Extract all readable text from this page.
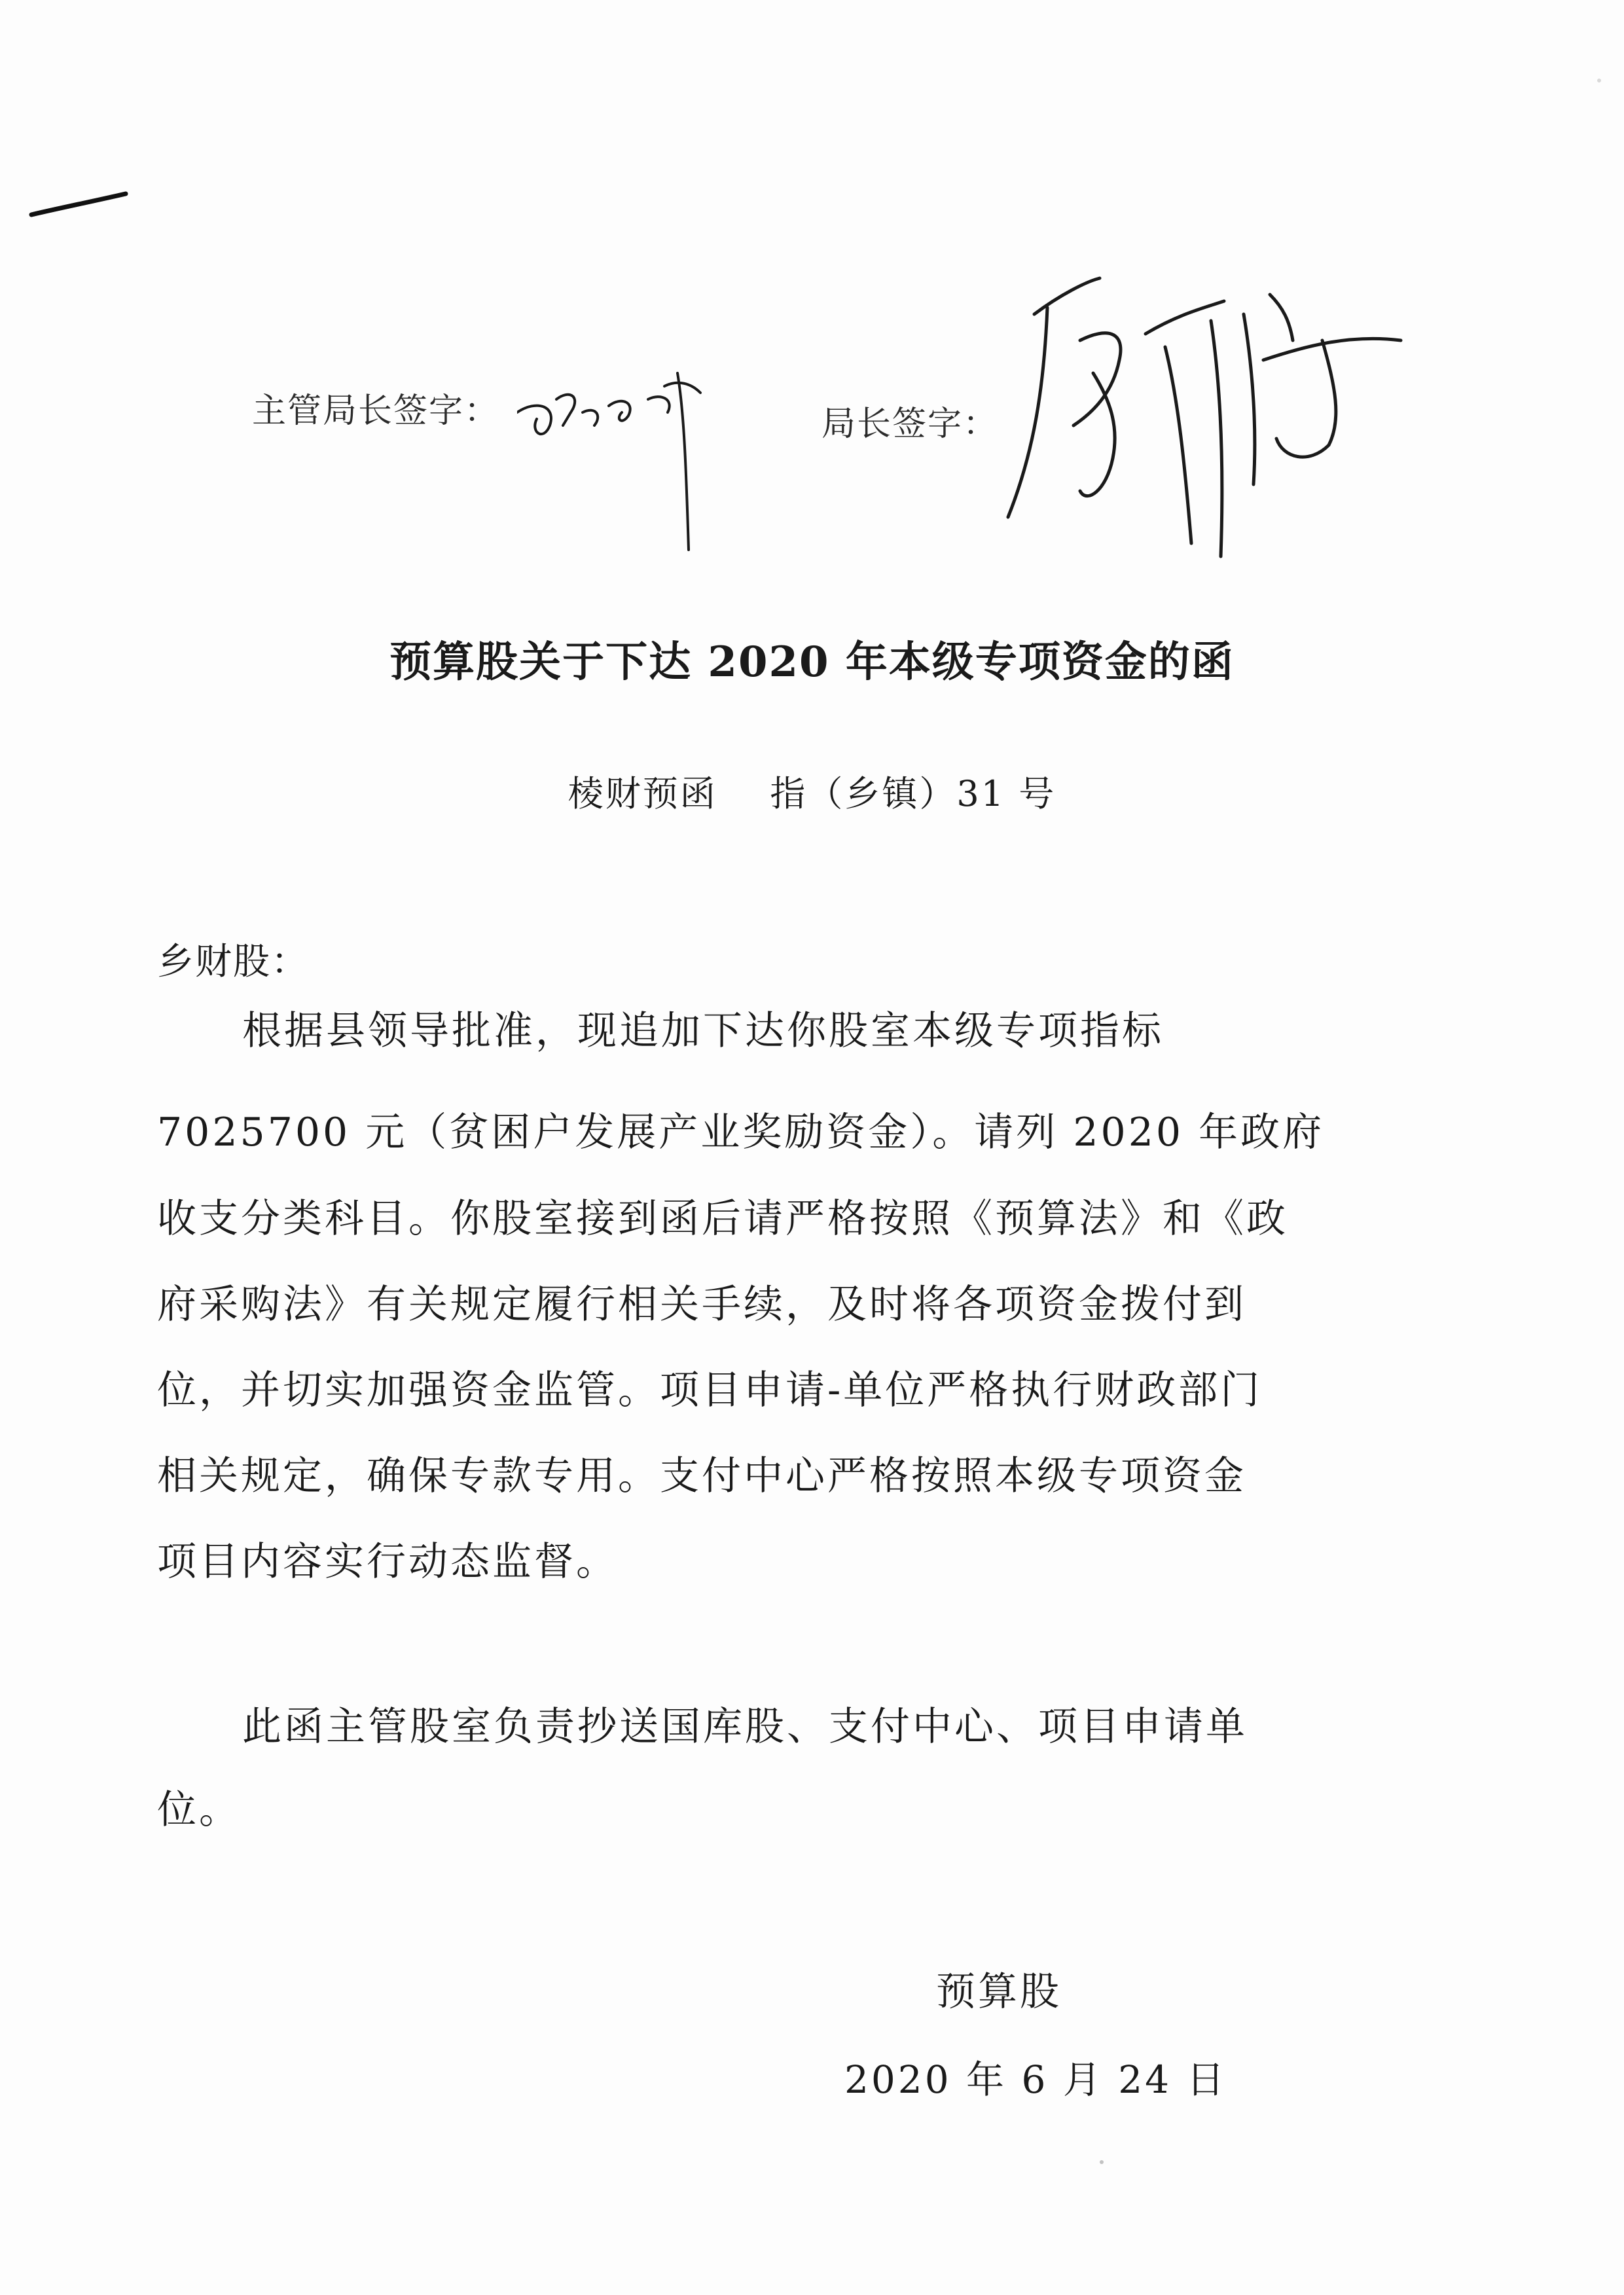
主管局长签字：	局长签字：
预算股关于下达 2020 年本级专项资金的函
棱财预函    指（乡镇）31 号
乡财股：
根据县领导批准，现追加下达你股室本级专项指标
7025700 元（贫困户发展产业奖励资金）。请列 2020 年政府
收支分类科目。你股室接到函后请严格按照《预算法》和《政
府采购法》有关规定履行相关手续，及时将各项资金拨付到
位，并切实加强资金监管。项目申请-单位严格执行财政部门
相关规定，确保专款专用。支付中心严格按照本级专项资金
项目内容实行动态监督。
此函主管股室负责抄送国库股、支付中心、项目申请单
位。
预算股
2020 年 6 月 24 日
